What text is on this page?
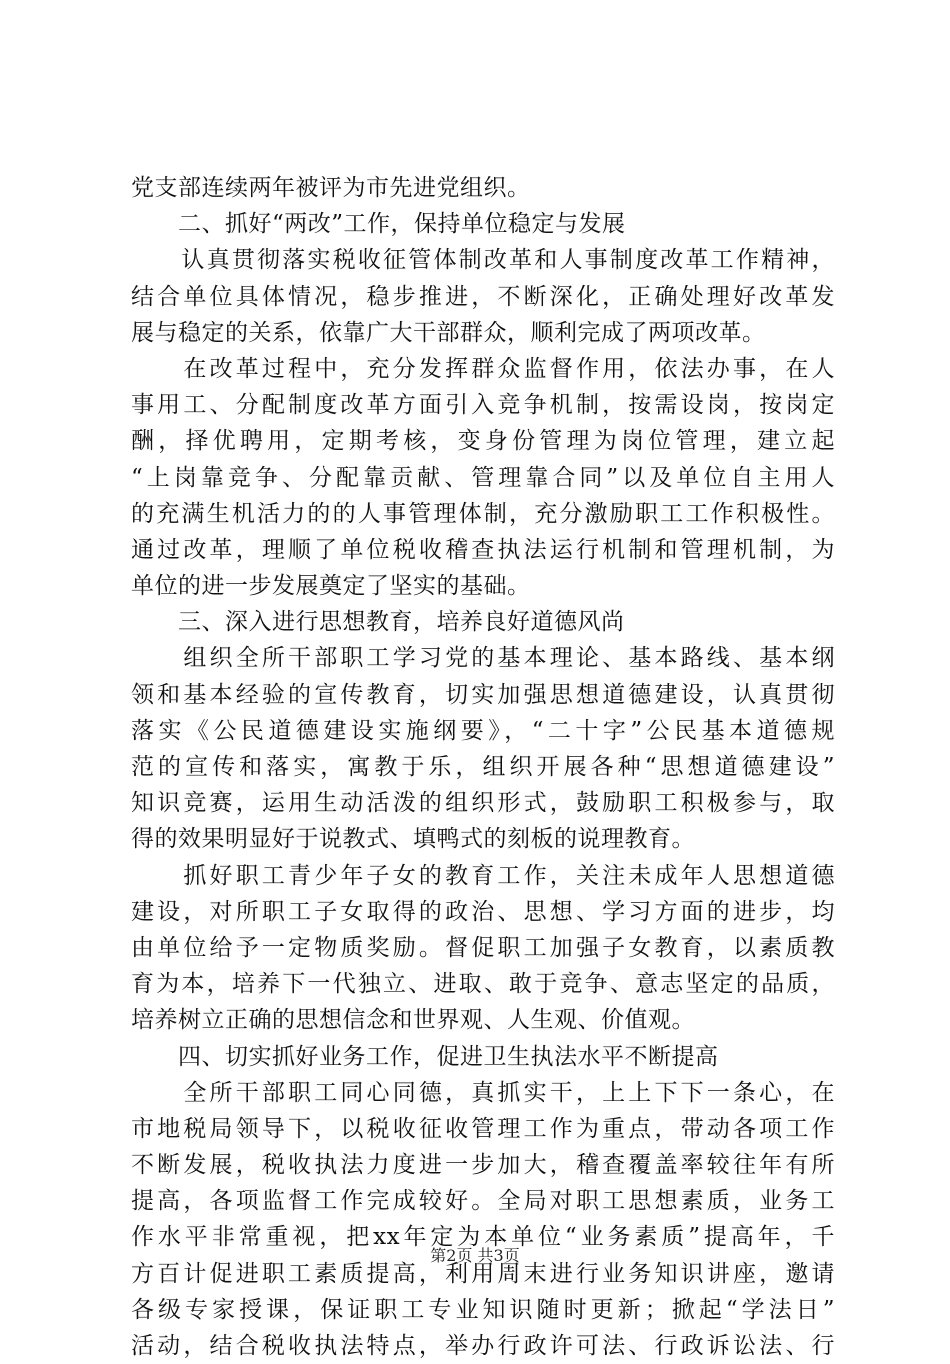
党支部连续两年被评为市先进党组织。
　　二、抓好“两改”工作，保持单位稳定与发展
　　认真贯彻落实税收征管体制改革和人事制度改革工作精神，
结合单位具体情况，稳步推进，不断深化，正确处理好改革发
展与稳定的关系，依靠广大干部群众，顺利完成了两项改革。
　　在改革过程中，充分发挥群众监督作用，依法办事，在人
事用工、分配制度改革方面引入竞争机制，按需设岗，按岗定
酬，择优聘用，定期考核，变身份管理为岗位管理，建立起
“上岗靠竞争、分配靠贡献、管理靠合同”以及单位自主用人
的充满生机活力的的人事管理体制，充分激励职工工作积极性。
通过改革，理顺了单位税收稽查执法运行机制和管理机制，为
单位的进一步发展奠定了坚实的基础。
　　三、深入进行思想教育，培养良好道德风尚
　　组织全所干部职工学习党的基本理论、基本路线、基本纲
领和基本经验的宣传教育，切实加强思想道德建设，认真贯彻
落实《公民道德建设实施纲要》，“二十字”公民基本道德规
范的宣传和落实，寓教于乐，组织开展各种“思想道德建设”
知识竞赛，运用生动活泼的组织形式，鼓励职工积极参与，取
得的效果明显好于说教式、填鸭式的刻板的说理教育。
　　抓好职工青少年子女的教育工作，关注未成年人思想道德
建设，对所职工子女取得的政治、思想、学习方面的进步，均
由单位给予一定物质奖励。督促职工加强子女教育，以素质教
育为本，培养下一代独立、进取、敢于竞争、意志坚定的品质，
培养树立正确的思想信念和世界观、人生观、价值观。
　　四、切实抓好业务工作，促进卫生执法水平不断提高
　　全所干部职工同心同德，真抓实干，上上下下一条心，在
市地税局领导下，以税收征收管理工作为重点，带动各项工作
不断发展，税收执法力度进一步加大，稽查覆盖率较往年有所
提高，各项监督工作完成较好。全局对职工思想素质，业务工
作水平非常重视，把xx年定为本单位“业务素质”提高年，千
方百计促进职工素质提高，利用周末进行业务知识讲座，邀请
各级专家授课，保证职工专业知识随时更新；掀起“学法日”
活动，结合税收执法特点，举办行政许可法、行政诉讼法、行
第2页 共3页
